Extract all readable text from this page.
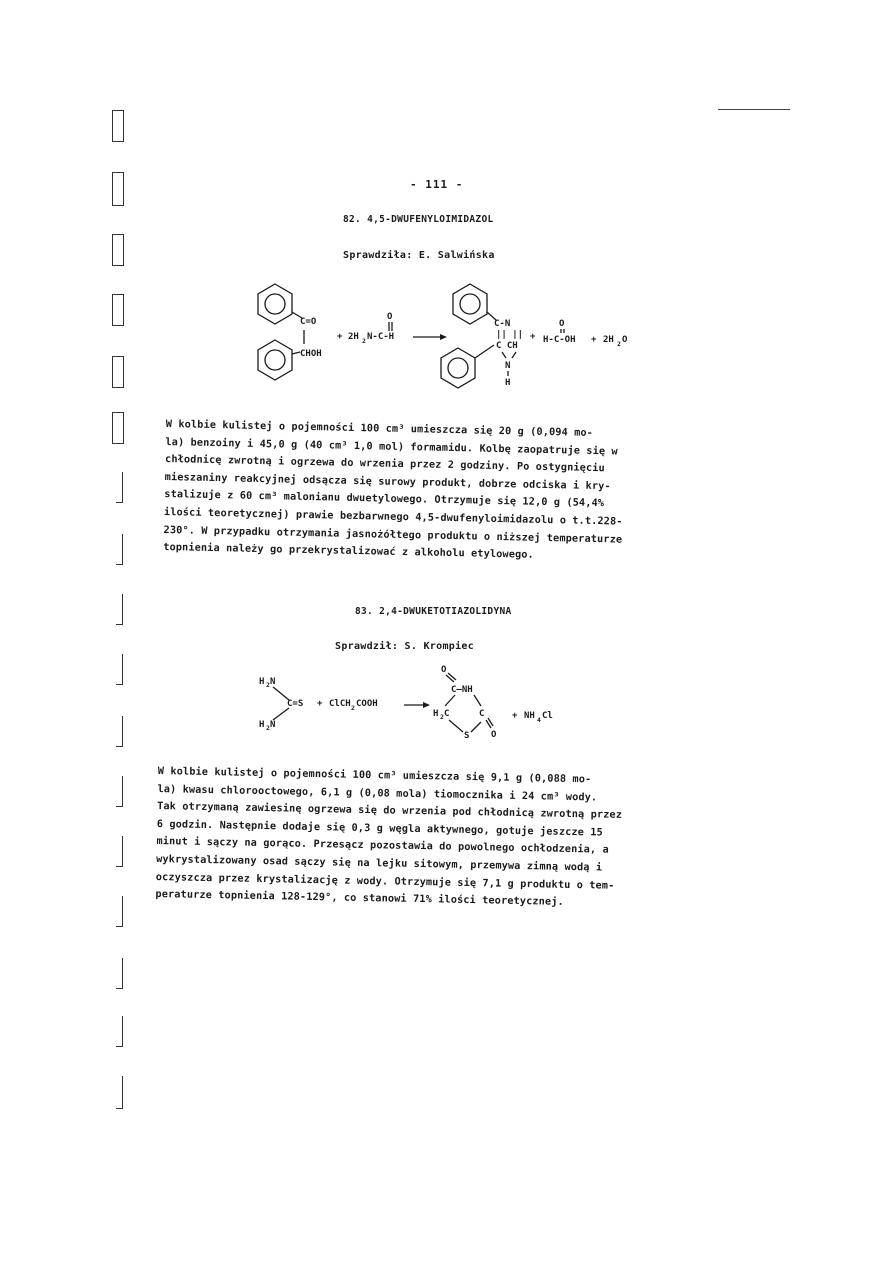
- 111 -
82. 4,5-DWUFENYLOIMIDAZOL
Sprawdziła: E. Salwińska
C=O
CHOH
+ 2H 2 N-C-H
O
C-N
|| ||
C CH
N
H
+
O
H-C-OH + 2H 2 O
W kolbie kulistej o pojemności 100 cm³ umieszcza się 20 g (0,094 mo-
la) benzoiny i 45,0 g (40 cm³ 1,0 mol) formamidu. Kolbę zaopatruje się w
chłodnicę zwrotną i ogrzewa do wrzenia przez 2 godziny. Po ostygnięciu
mieszaniny reakcyjnej odsącza się surowy produkt, dobrze odciska i kry-
stalizuje z 60 cm³ malonianu dwuetylowego. Otrzymuje się 12,0 g (54,4%
ilości teoretycznej) prawie bezbarwnego 4,5-dwufenyloimidazolu o t.t.228-
230°. W przypadku otrzymania jasnożółtego produktu o niższej temperaturze
topnienia należy go przekrystalizować z alkoholu etylowego.
83. 2,4-DWUKETOTIAZOLIDYNA
Sprawdził: S. Krompiec
H 2 N
C=S
H 2 N
+ ClCH 2 COOH
O
C—NH
H 2 C	C
S O
+ NH 4 Cl
W kolbie kulistej o pojemności 100 cm³ umieszcza się 9,1 g (0,088 mo-
la) kwasu chlorooctowego, 6,1 g (0,08 mola) tiomocznika i 24 cm³ wody.
Tak otrzymaną zawiesinę ogrzewa się do wrzenia pod chłodnicą zwrotną przez
6 godzin. Następnie dodaje się 0,3 g węgla aktywnego, gotuje jeszcze 15
minut i sączy na gorąco. Przesącz pozostawia do powolnego ochłodzenia, a
wykrystalizowany osad sączy się na lejku sitowym, przemywa zimną wodą i
oczyszcza przez krystalizację z wody. Otrzymuje się 7,1 g produktu o tem-
peraturze topnienia 128-129°, co stanowi 71% ilości teoretycznej.
